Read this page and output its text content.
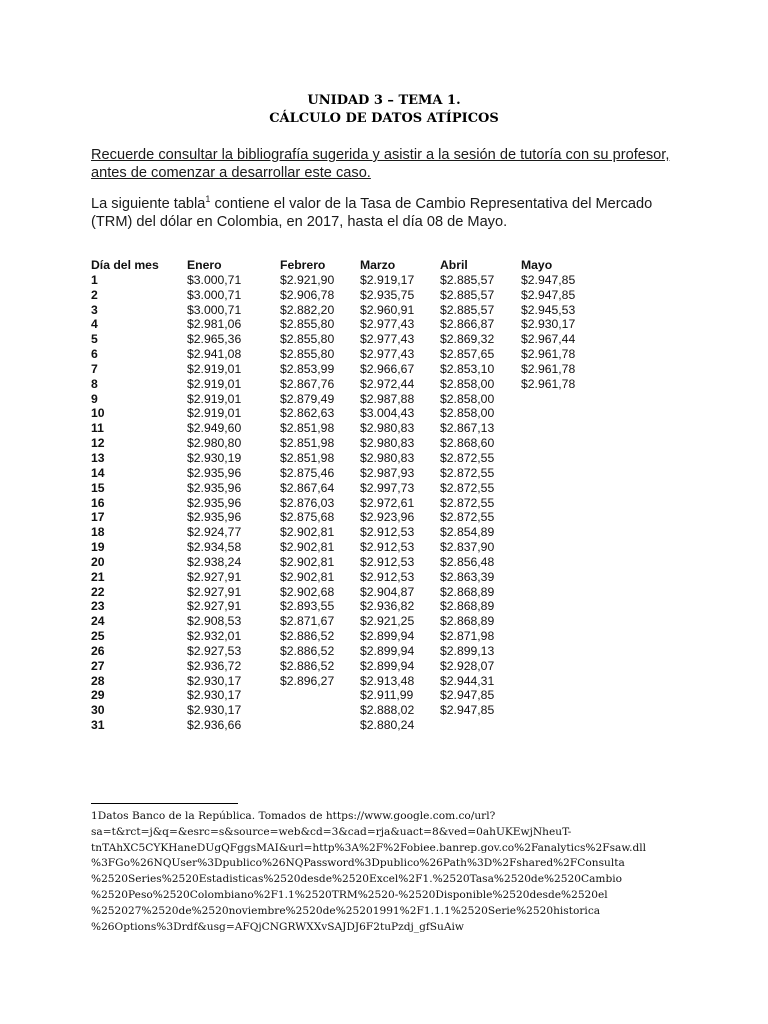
UNIDAD 3 – TEMA 1.
CÁLCULO DE DATOS ATÍPICOS

Recuerde consultar la bibliografía sugerida y asistir a la sesión de tutoría con su profesor, antes de comenzar a desarrollar este caso.

La siguiente tabla$^1$ contiene el valor de la Tasa de Cambio Representativa del Mercado (TRM) del dólar en Colombia, en 2017, hasta el día 08 de Mayo.

Día del mes	Enero	Febrero	Marzo	Abril	Mayo
1	$3.000,71	$2.921,90	$2.919,17	$2.885,57	$2.947,85
2	$3.000,71	$2.906,78	$2.935,75	$2.885,57	$2.947,85
3	$3.000,71	$2.882,20	$2.960,91	$2.885,57	$2.945,53
4	$2.981,06	$2.855,80	$2.977,43	$2.866,87	$2.930,17
5	$2.965,36	$2.855,80	$2.977,43	$2.869,32	$2.967,44
6	$2.941,08	$2.855,80	$2.977,43	$2.857,65	$2.961,78
7	$2.919,01	$2.853,99	$2.966,67	$2.853,10	$2.961,78
8	$2.919,01	$2.867,76	$2.972,44	$2.858,00	$2.961,78
9	$2.919,01	$2.879,49	$2.987,88	$2.858,00	
10	$2.919,01	$2.862,63	$3.004,43	$2.858,00	
11	$2.949,60	$2.851,98	$2.980,83	$2.867,13	
12	$2.980,80	$2.851,98	$2.980,83	$2.868,60	
13	$2.930,19	$2.851,98	$2.980,83	$2.872,55	
14	$2.935,96	$2.875,46	$2.987,93	$2.872,55	
15	$2.935,96	$2.867,64	$2.997,73	$2.872,55	
16	$2.935,96	$2.876,03	$2.972,61	$2.872,55	
17	$2.935,96	$2.875,68	$2.923,96	$2.872,55	
18	$2.924,77	$2.902,81	$2.912,53	$2.854,89	
19	$2.934,58	$2.902,81	$2.912,53	$2.837,90	
20	$2.938,24	$2.902,81	$2.912,53	$2.856,48	
21	$2.927,91	$2.902,81	$2.912,53	$2.863,39	
22	$2.927,91	$2.902,68	$2.904,87	$2.868,89	
23	$2.927,91	$2.893,55	$2.936,82	$2.868,89	
24	$2.908,53	$2.871,67	$2.921,25	$2.868,89	
25	$2.932,01	$2.886,52	$2.899,94	$2.871,98	
26	$2.927,53	$2.886,52	$2.899,94	$2.899,13	
27	$2.936,72	$2.886,52	$2.899,94	$2.928,07	
28	$2.930,17	$2.896,27	$2.913,48	$2.944,31	
29	$2.930,17		$2.911,99	$2.947,85	
30	$2.930,17		$2.888,02	$2.947,85	
31	$2.936,66		$2.880,24		
1Datos Banco de la República. Tomados de https://www.google.com.co/url?
sa=t&rct=j&q=&esrc=s&source=web&cd=3&cad=rja&uact=8&ved=0ahUKEwjNheuT-
tnTAhXC5CYKHaneDUgQFggsMAI&url=http%3A%2F%2Fobiee.banrep.gov.co%2Fanalytics%2Fsaw.dll
%3FGo%26NQUser%3Dpublico%26NQPassword%3Dpublico%26Path%3D%2Fshared%2FConsulta
%2520Series%2520Estadisticas%2520desde%2520Excel%2F1.%2520Tasa%2520de%2520Cambio
%2520Peso%2520Colombiano%2F1.1%2520TRM%2520-%2520Disponible%2520desde%2520el
%252027%2520de%2520noviembre%2520de%25201991%2F1.1.1%2520Serie%2520historica
%26Options%3Drdf&usg=AFQjCNGRWXXvSAJDJ6F2tuPzdj_gfSuAiw
